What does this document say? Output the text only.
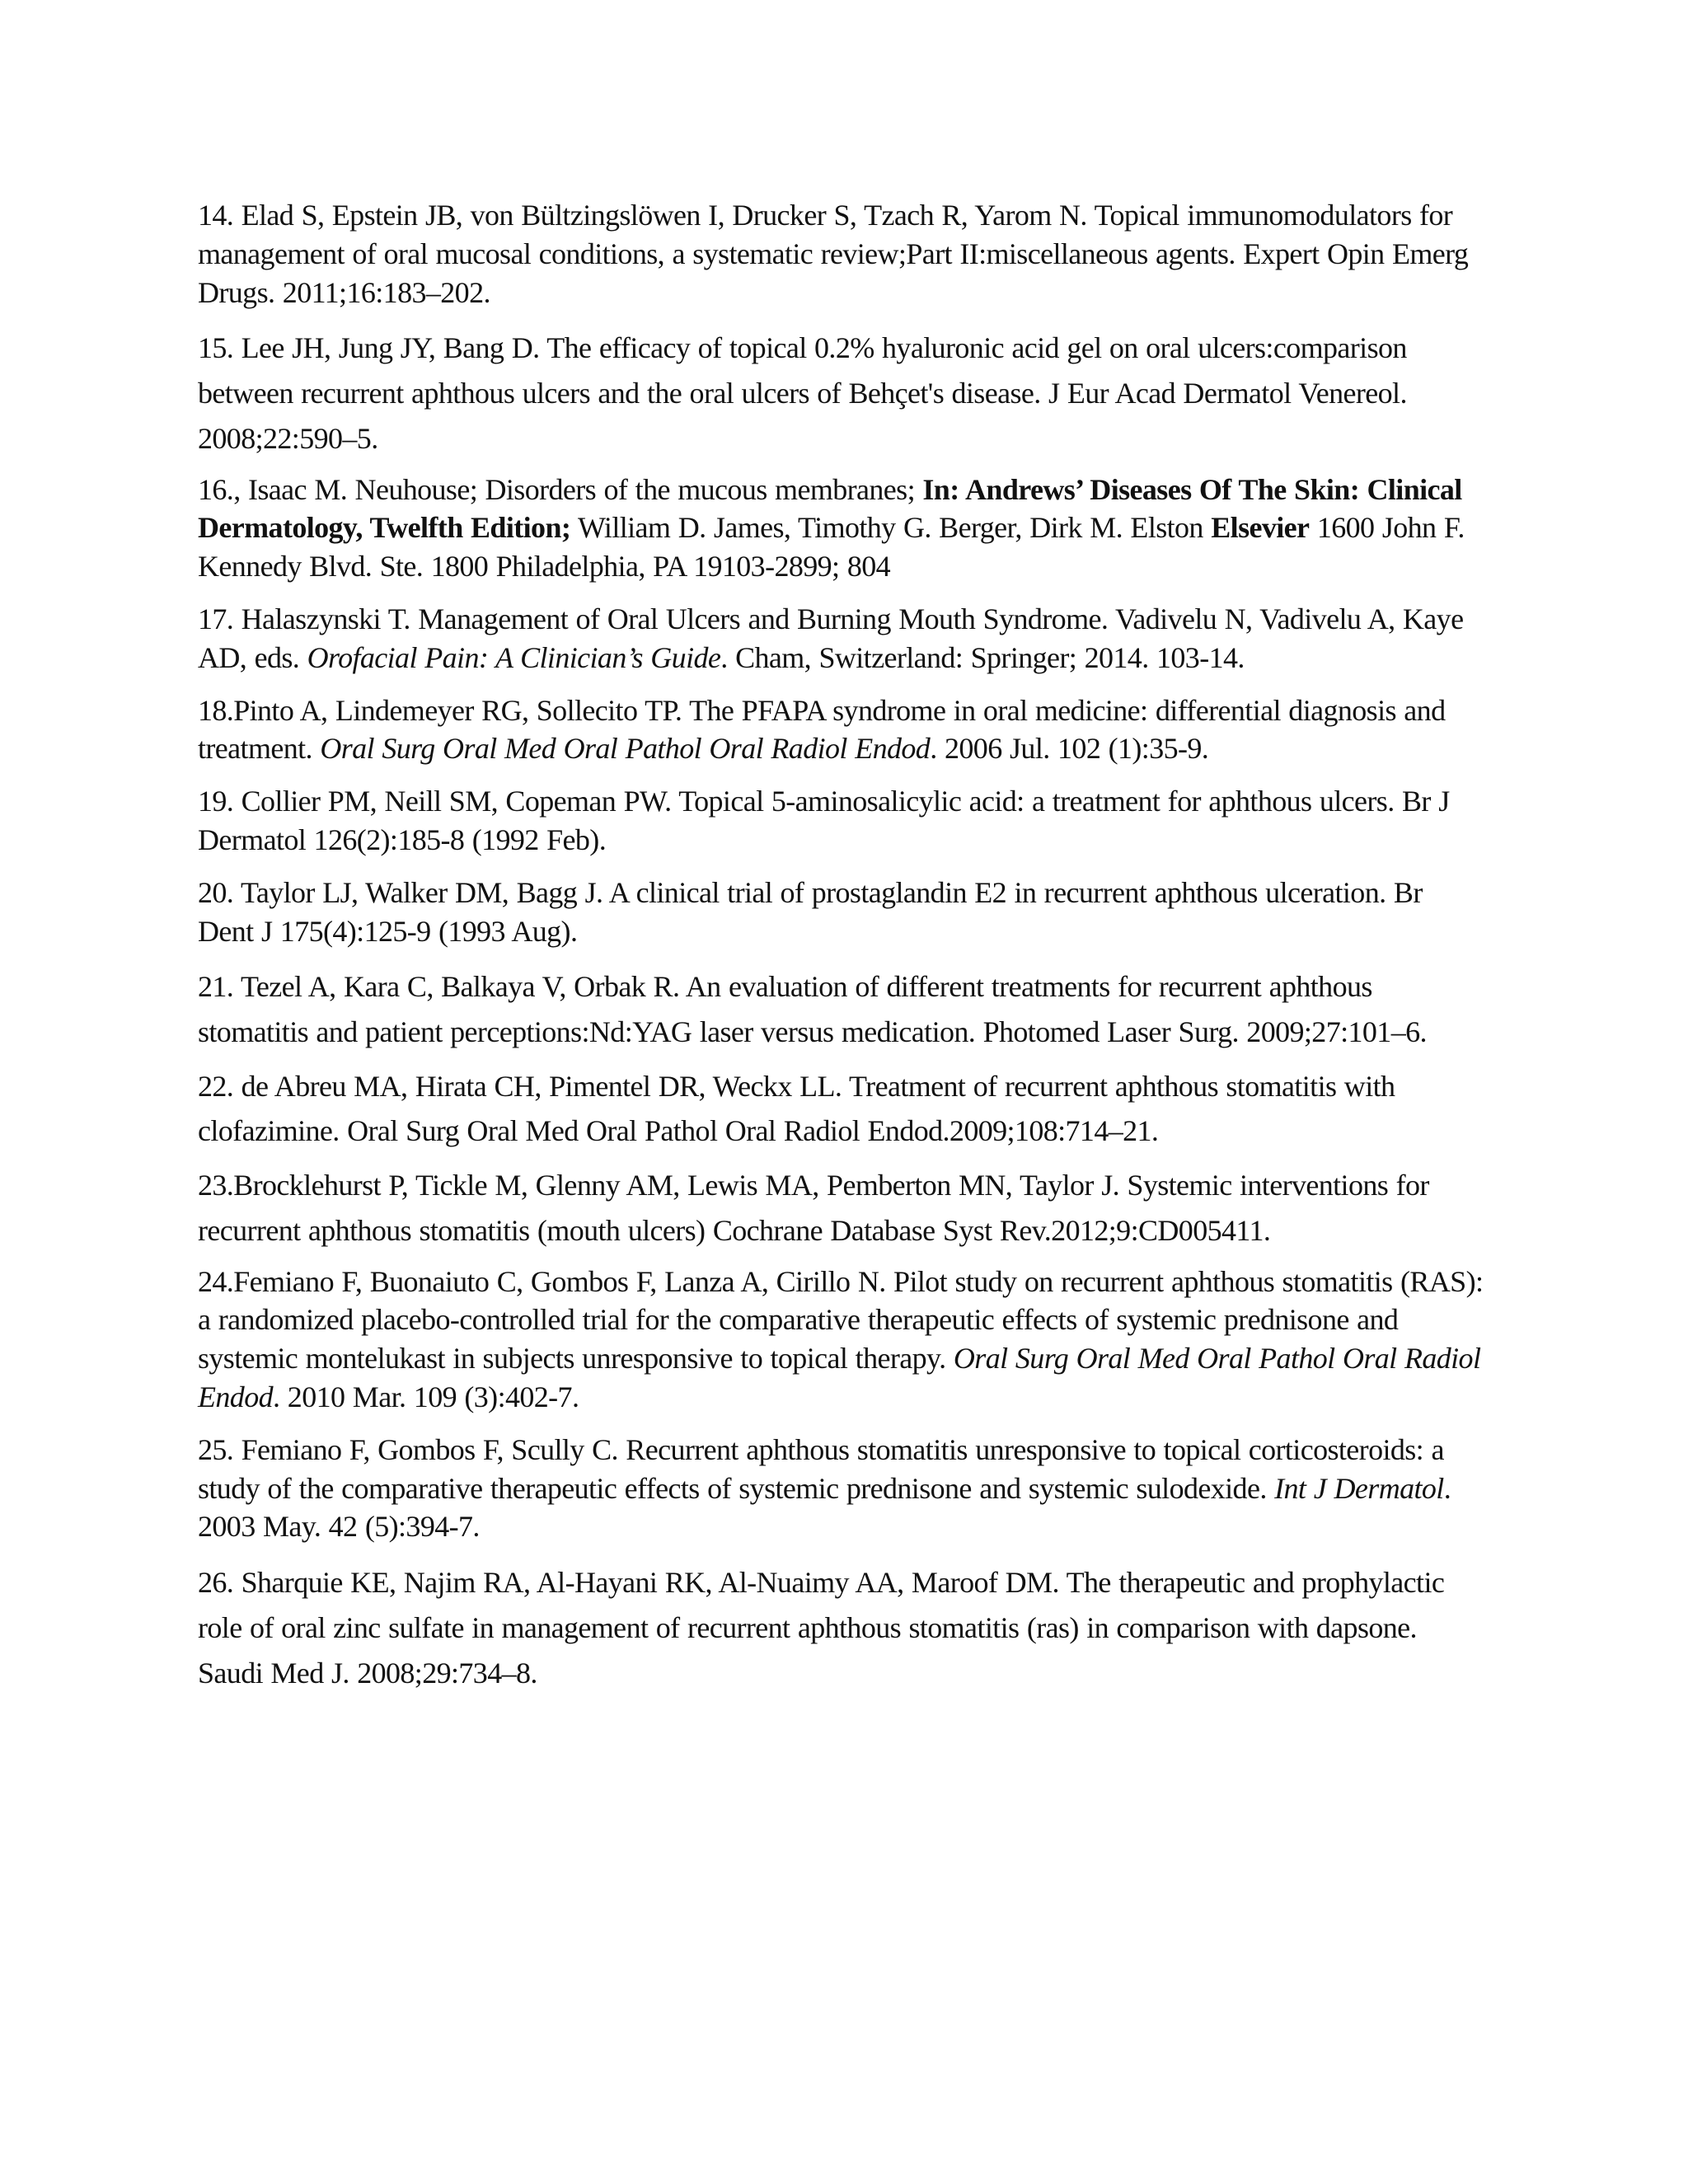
14. Elad S, Epstein JB, von Bültzingslöwen I, Drucker S, Tzach R, Yarom N. Topical immunomodulators for management of oral mucosal conditions, a systematic review;Part II:miscellaneous agents. Expert Opin Emerg Drugs. 2011;16:183–202.

15. Lee JH, Jung JY, Bang D. The efficacy of topical 0.2% hyaluronic acid gel on oral ulcers:comparison between recurrent aphthous ulcers and the oral ulcers of Behçet's disease. J Eur Acad Dermatol Venereol. 2008;22:590–5.

16., Isaac M. Neuhouse; Disorders of the mucous membranes; In: Andrews’ Diseases Of The Skin: Clinical Dermatology, Twelfth Edition; William D. James, Timothy G. Berger, Dirk M. Elston Elsevier 1600 John F. Kennedy Blvd. Ste. 1800 Philadelphia, PA 19103-2899; 804

17. Halaszynski T. Management of Oral Ulcers and Burning Mouth Syndrome. Vadivelu N, Vadivelu A, Kaye AD, eds. Orofacial Pain: A Clinician’s Guide. Cham, Switzerland: Springer; 2014. 103-14.

18.Pinto A, Lindemeyer RG, Sollecito TP. The PFAPA syndrome in oral medicine: differential diagnosis and treatment. Oral Surg Oral Med Oral Pathol Oral Radiol Endod. 2006 Jul. 102 (1):35-9.

19. Collier PM, Neill SM, Copeman PW. Topical 5-aminosalicylic acid: a treatment for aphthous ulcers. Br J Dermatol 126(2):185-8 (1992 Feb).

20. Taylor LJ, Walker DM, Bagg J. A clinical trial of prostaglandin E2 in recurrent aphthous ulceration. Br Dent J 175(4):125-9 (1993 Aug).

21. Tezel A, Kara C, Balkaya V, Orbak R. An evaluation of different treatments for recurrent aphthous stomatitis and patient perceptions:Nd:YAG laser versus medication. Photomed Laser Surg. 2009;27:101–6.

22. de Abreu MA, Hirata CH, Pimentel DR, Weckx LL. Treatment of recurrent aphthous stomatitis with clofazimine. Oral Surg Oral Med Oral Pathol Oral Radiol Endod.2009;108:714–21.

23.Brocklehurst P, Tickle M, Glenny AM, Lewis MA, Pemberton MN, Taylor J. Systemic interventions for recurrent aphthous stomatitis (mouth ulcers) Cochrane Database Syst Rev.2012;9:CD005411.

24.Femiano F, Buonaiuto C, Gombos F, Lanza A, Cirillo N. Pilot study on recurrent aphthous stomatitis (RAS): a randomized placebo-controlled trial for the comparative therapeutic effects of systemic prednisone and systemic montelukast in subjects unresponsive to topical therapy. Oral Surg Oral Med Oral Pathol Oral Radiol Endod. 2010 Mar. 109 (3):402-7.

25. Femiano F, Gombos F, Scully C. Recurrent aphthous stomatitis unresponsive to topical corticosteroids: a study of the comparative therapeutic effects of systemic prednisone and systemic sulodexide. Int J Dermatol. 2003 May. 42 (5):394-7.

26. Sharquie KE, Najim RA, Al-Hayani RK, Al-Nuaimy AA, Maroof DM. The therapeutic and prophylactic role of oral zinc sulfate in management of recurrent aphthous stomatitis (ras) in comparison with dapsone. Saudi Med J. 2008;29:734–8.
